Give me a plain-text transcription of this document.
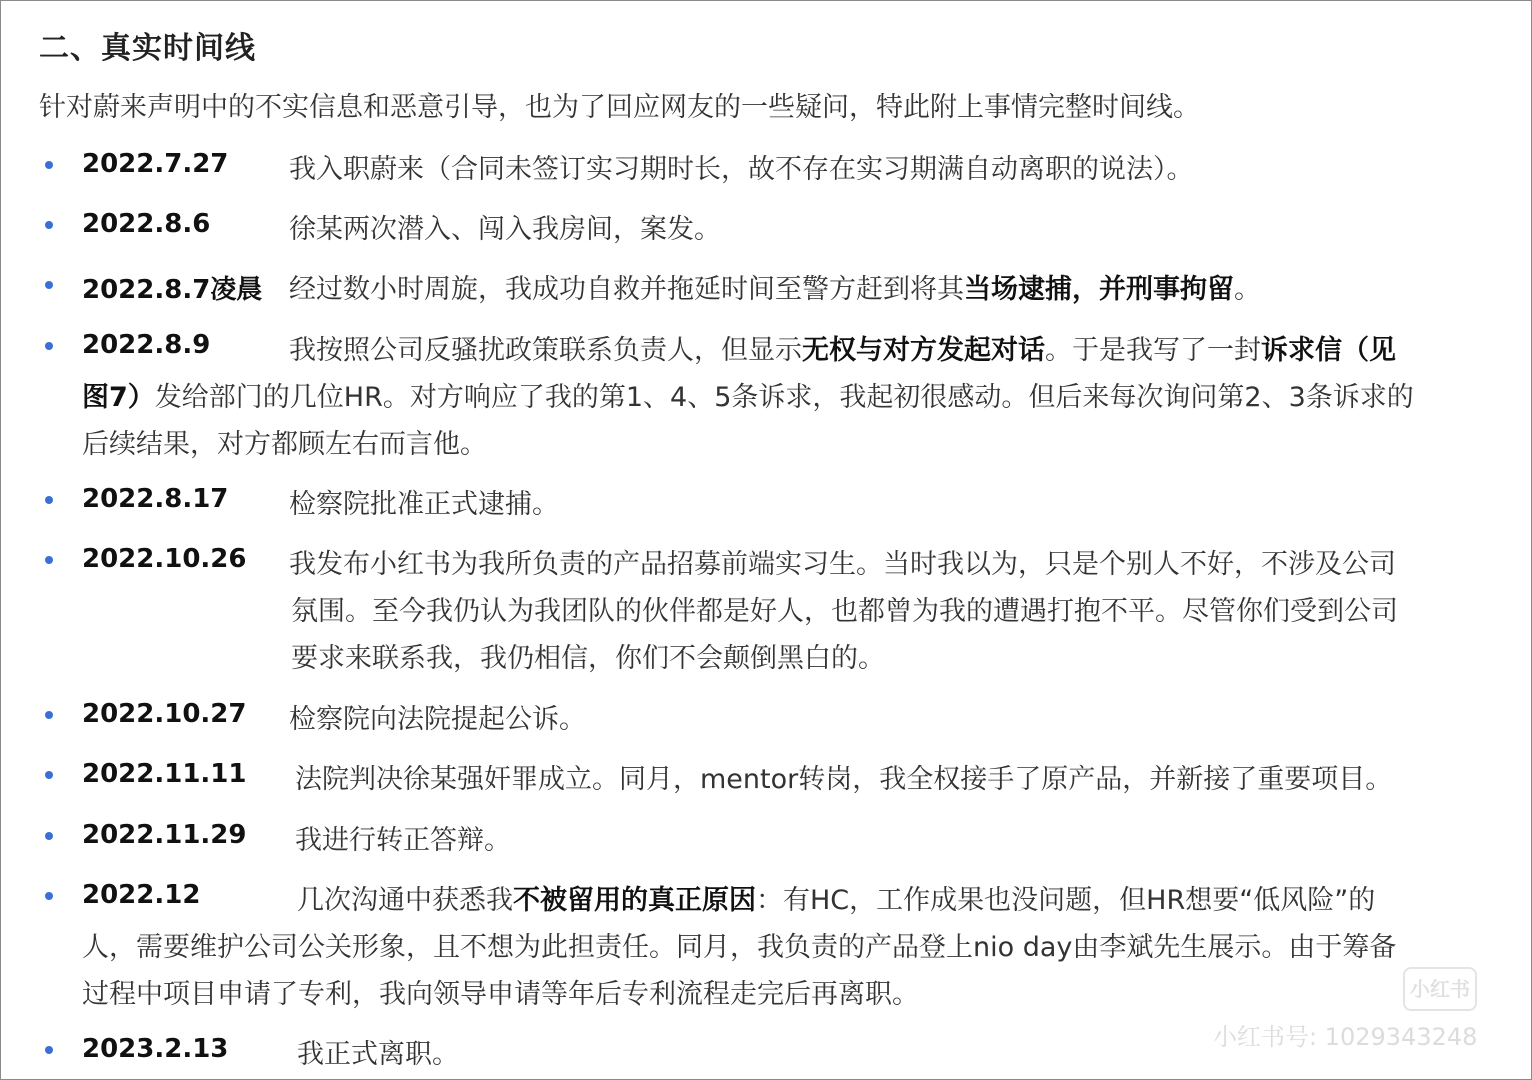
二、真实时间线
针对蔚来声明中的不实信息和恶意引导，也为了回应网友的一些疑问，特此附上事情完整时间线。
2022.7.27 我入职蔚来（合同未签订实习期时长，故不存在实习期满自动离职的说法）。
2022.8.6	徐某两次潜入、闯入我房间，案发。
2022.8.7凌晨 经过数小时周旋，我成功自救并拖延时间至警方赶到将其当场逮捕，并刑事拘留。
2022.8.9	我按照公司反骚扰政策联系负责人，但显示无权与对方发起对话。于是我写了一封诉求信（见
图7）发给部门的几位HR。对方响应了我的第1、4、5条诉求，我起初很感动。但后来每次询问第2、3条诉求的
后续结果，对方都顾左右而言他。
2022.8.17 检察院批准正式逮捕。
2022.10.26 我发布小红书为我所负责的产品招募前端实习生。当时我以为，只是个别人不好，不涉及公司
氛围。至今我仍认为我团队的伙伴都是好人，也都曾为我的遭遇打抱不平。尽管你们受到公司
要求来联系我，我仍相信，你们不会颠倒黑白的。
2022.10.27 检察院向法院提起公诉。
2022.11.11 法院判决徐某强奸罪成立。同月，mentor转岗，我全权接手了原产品，并新接了重要项目。
2022.11.29 我进行转正答辩。
2022.12	几次沟通中获悉我不被留用的真正原因：有HC，工作成果也没问题，但HR想要“低风险”的
人，需要维护公司公关形象，且不想为此担责任。同月，我负责的产品登上nio day由李斌先生展示。由于筹备
过程中项目申请了专利，我向领导申请等年后专利流程走完后再离职。
2023.2.13	我正式离职。
小红书
小红书号: 1029343248
